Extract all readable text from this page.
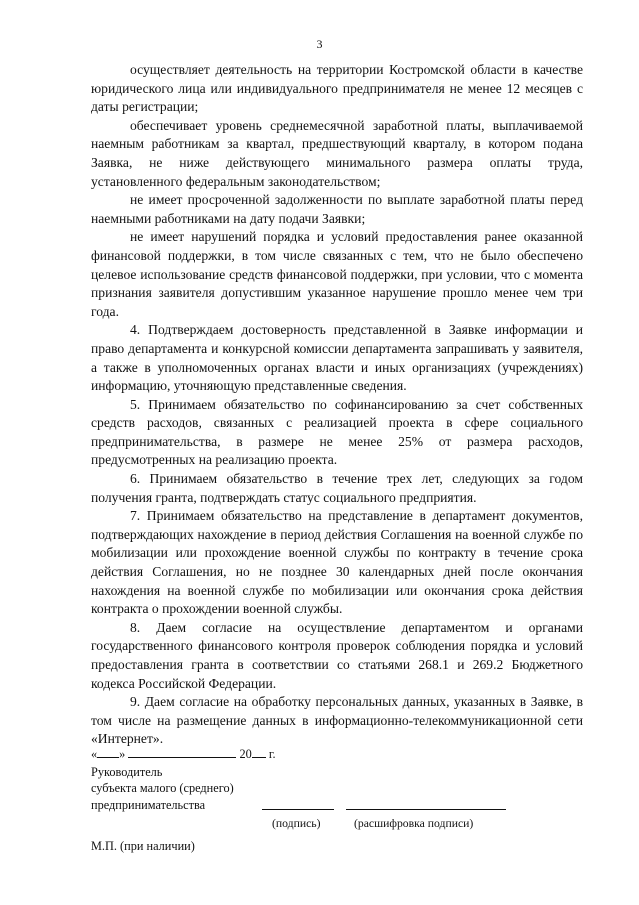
3

осуществляет деятельность на территории Костромской области в качестве юридического лица или индивидуального предпринимателя не менее 12 месяцев с даты регистрации;

обеспечивает уровень среднемесячной заработной платы, выплачиваемой наемным работникам за квартал, предшествующий кварталу, в котором подана Заявка, не ниже действующего минимального размера оплаты труда, установленного федеральным законодательством;

не имеет просроченной задолженности по выплате заработной платы перед наемными работниками на дату подачи Заявки;

не имеет нарушений порядка и условий предоставления ранее оказанной финансовой поддержки, в том числе связанных с тем, что не было обеспечено целевое использование средств финансовой поддержки, при условии, что с момента признания заявителя допустившим указанное нарушение прошло менее чем три года.

4. Подтверждаем достоверность представленной в Заявке информации и право департамента и конкурсной комиссии департамента запрашивать у заявителя, а также в уполномоченных органах власти и иных организациях (учреждениях) информацию, уточняющую представленные сведения.

5. Принимаем обязательство по софинансированию за счет собственных средств расходов, связанных с реализацией проекта в сфере социального предпринимательства, в размере не менее 25% от размера расходов, предусмотренных на реализацию проекта.

6. Принимаем обязательство в течение трех лет, следующих за годом получения гранта, подтверждать статус социального предприятия.

7. Принимаем обязательство на представление в департамент документов, подтверждающих нахождение в период действия Соглашения на военной службе по мобилизации или прохождение военной службы по контракту в течение срока действия Соглашения, но не позднее 30 календарных дней после окончания нахождения на военной службе по мобилизации или окончания срока действия контракта о прохождении военной службы.

8. Даем согласие на осуществление департаментом и органами государственного финансового контроля проверок соблюдения порядка и условий предоставления гранта в соответствии со статьями 268.1 и 269.2 Бюджетного кодекса Российской Федерации.

9. Даем согласие на обработку персональных данных, указанных в Заявке, в том числе на размещение данных в информационно-телекоммуникационной сети «Интернет».

« »	20 г.
Руководитель
субъекта малого (среднего)
предпринимательства
(подпись)	(расшифровка подписи)
М.П. (при наличии)
